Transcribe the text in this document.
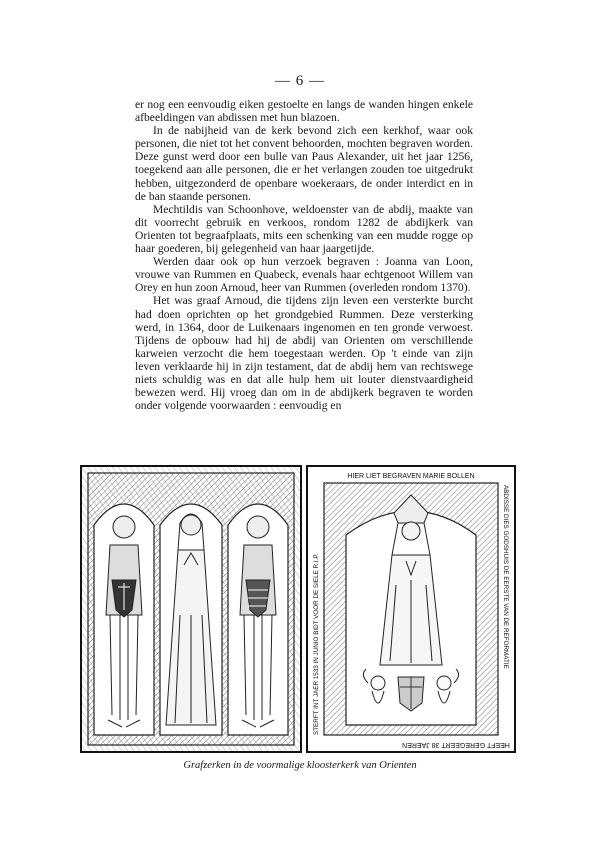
— 6 —

er nog een eenvoudig eiken gestoelte en langs de wanden hingen enkele afbeeldingen van abdissen met hun blazoen.

In de nabijheid van de kerk bevond zich een kerkhof, waar ook personen, die niet tot het convent behoorden, mochten begraven worden. Deze gunst werd door een bulle van Paus Alexander, uit het jaar 1256, toegekend aan alle personen, die er het verlangen zouden toe uitgedrukt hebben, uitgezonderd de openbare woekeraars, de onder interdict en in de ban staande personen.

Mechtildis van Schoonhove, weldoenster van de abdij, maakte van dit voorrecht gebruik en verkoos, rondom 1282 de abdijkerk van Orienten tot begraafplaats, mits een schenking van een mudde rogge op haar goederen, bij gelegenheid van haar jaargetijde.

Werden daar ook op hun verzoek begraven : Joanna van Loon, vrouwe van Rummen en Quabeck, evenals haar echtgenoot Willem van Orey en hun zoon Arnoud, heer van Rummen (overleden rondom 1370).

Het was graaf Arnoud, die tijdens zijn leven een versterkte burcht had doen oprichten op het grondgebied Rummen. Deze versterking werd, in 1364, door de Luikenaars ingenomen en ten gronde verwoest. Tijdens de opbouw had hij de abdij van Orienten om verschillende karweien verzocht die hem toegestaan werden. Op 't einde van zijn leven verklaarde hij in zijn testament, dat de abdij hem van rechtswege niets schuldig was en dat alle hulp hem uit louter dienstvaardigheid bewezen werd. Hij vroeg dan om in de abdijkerk begraven te worden onder volgende voorwaarden : eenvoudig en

HIER LIET BEGRAVEN MARIE BOLLEN
STERFT INT JAER 1533 IN JUNIO BIDT VOOR DE SIELE R.I.P.	ABDISSE DIES GODSHUIS DE EERSTE VAN DE REFORMATIE
HEEFT GEREGEERT 38 JAEREN
Grafzerken in de voormalige kloosterkerk van Orienten
